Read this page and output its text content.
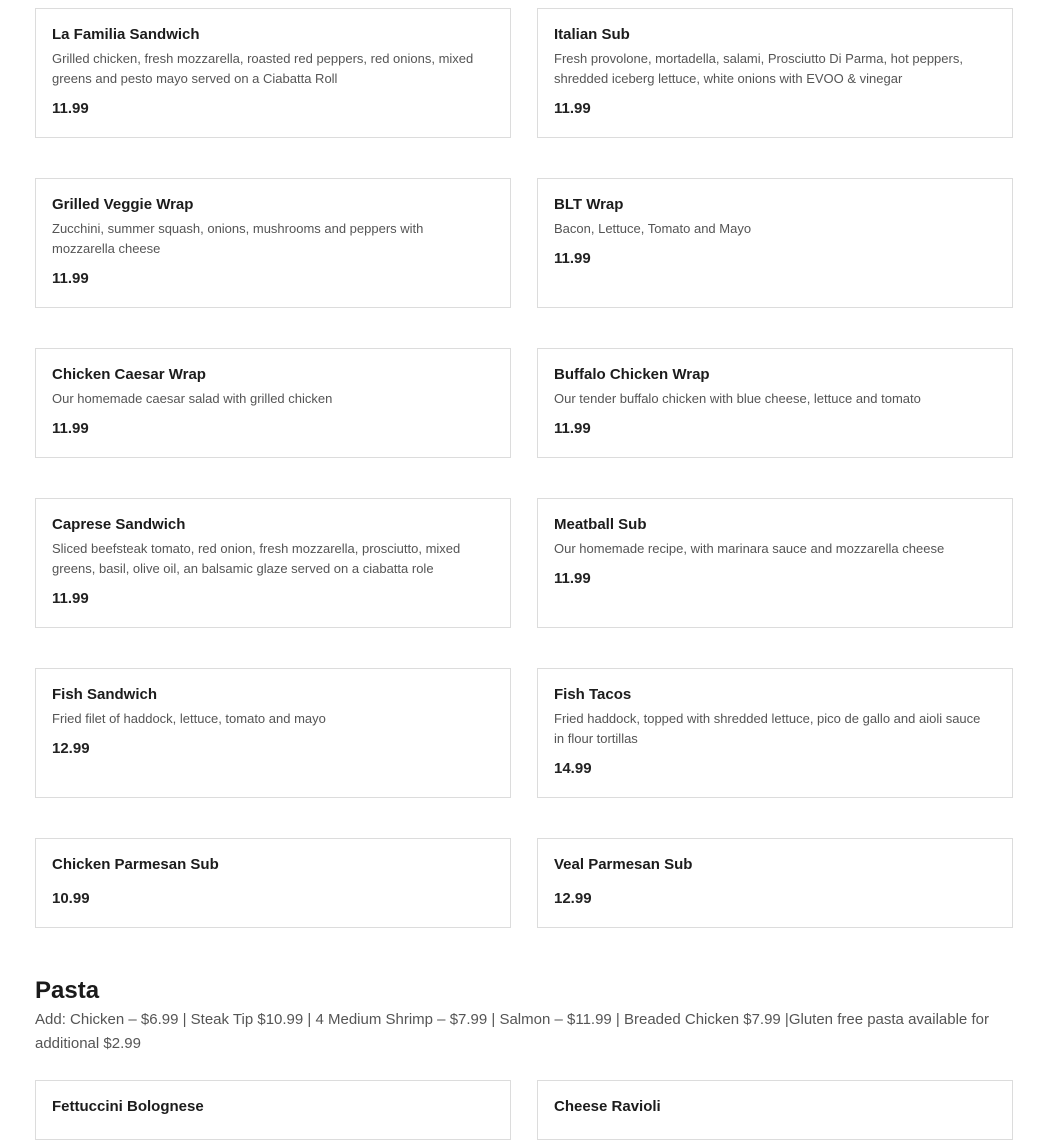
La Familia Sandwich
Grilled chicken, fresh mozzarella, roasted red peppers, red onions, mixed greens and pesto mayo served on a Ciabatta Roll
11.99
Italian Sub
Fresh provolone, mortadella, salami, Prosciutto Di Parma, hot peppers, shredded iceberg lettuce, white onions with EVOO & vinegar
11.99
Grilled Veggie Wrap
Zucchini, summer squash, onions, mushrooms and peppers with mozzarella cheese
11.99
BLT Wrap
Bacon, Lettuce, Tomato and Mayo
11.99
Chicken Caesar Wrap
Our homemade caesar salad with grilled chicken
11.99
Buffalo Chicken Wrap
Our tender buffalo chicken with blue cheese, lettuce and tomato
11.99
Caprese Sandwich
Sliced beefsteak tomato, red onion, fresh mozzarella, prosciutto, mixed greens, basil, olive oil, an balsamic glaze served on a ciabatta role
11.99
Meatball Sub
Our homemade recipe, with marinara sauce and mozzarella cheese
11.99
Fish Sandwich
Fried filet of haddock, lettuce, tomato and mayo
12.99
Fish Tacos
Fried haddock, topped with shredded lettuce, pico de gallo and aioli sauce in flour tortillas
14.99
Chicken Parmesan Sub
10.99
Veal Parmesan Sub
12.99
Pasta
Add: Chicken – $6.99 | Steak Tip $10.99 | 4 Medium Shrimp – $7.99 | Salmon – $11.99 | Breaded Chicken $7.99 |Gluten free pasta available for additional $2.99
Fettuccini Bolognese	Cheese Ravioli
